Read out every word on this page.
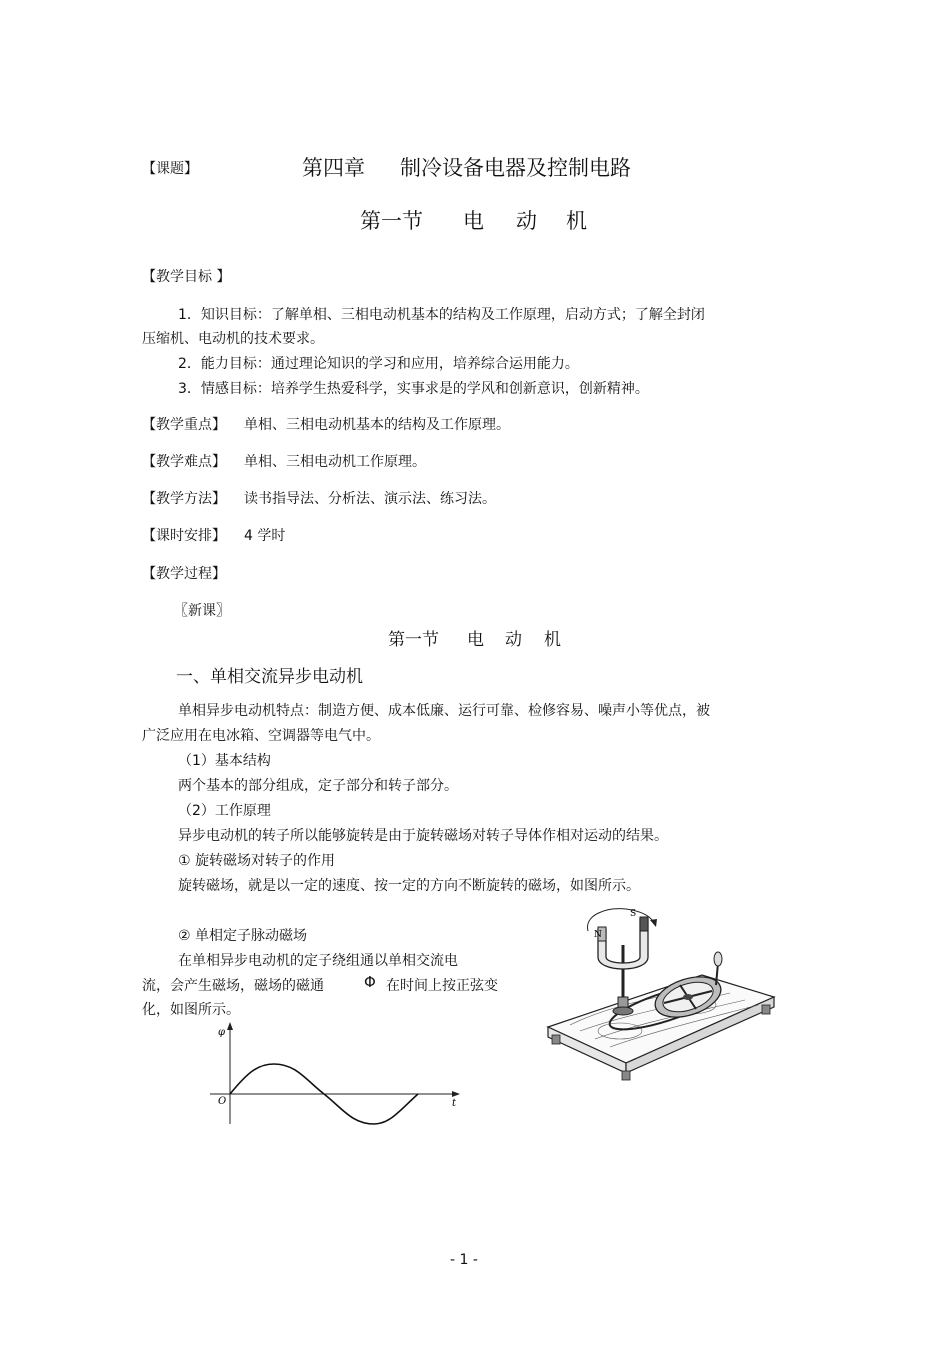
【课题】	第四章 制冷设备电器及控制电路
第一节 电 动 机
【教学目标 】
1．知识目标：了解单相、三相电动机基本的结构及工作原理，启动方式；了解全封闭
压缩机、电动机的技术要求。
2．能力目标：通过理论知识的学习和应用，培养综合运用能力。
3．情感目标：培养学生热爱科学，实事求是的学风和创新意识，创新精神。
【教学重点】 单相、三相电动机基本的结构及工作原理。
【教学难点】 单相、三相电动机工作原理。
【教学方法】 读书指导法、分析法、演示法、练习法。
【课时安排】 4 学时
【教学过程】
〖新课〗
第一节 电 动 机
一、单相交流异步电动机
单相异步电动机特点：制造方便、成本低廉、运行可靠、检修容易、噪声小等优点，被
广泛应用在电冰箱、空调器等电气中。
（1）基本结构
两个基本的部分组成，定子部分和转子部分。
（2）工作原理
异步电动机的转子所以能够旋转是由于旋转磁场对转子导体作相对运动的结果。
① 旋转磁场对转子的作用
旋转磁场，就是以一定的速度、按一定的方向不断旋转的磁场，如图所示。
② 单相定子脉动磁场
在单相异步电动机的定子绕组通以单相交流电
流，会产生磁场，磁场的磁通	Φ 在时间上按正弦变
化，如图所示。
φ
O	t
N
S
- 1 -
